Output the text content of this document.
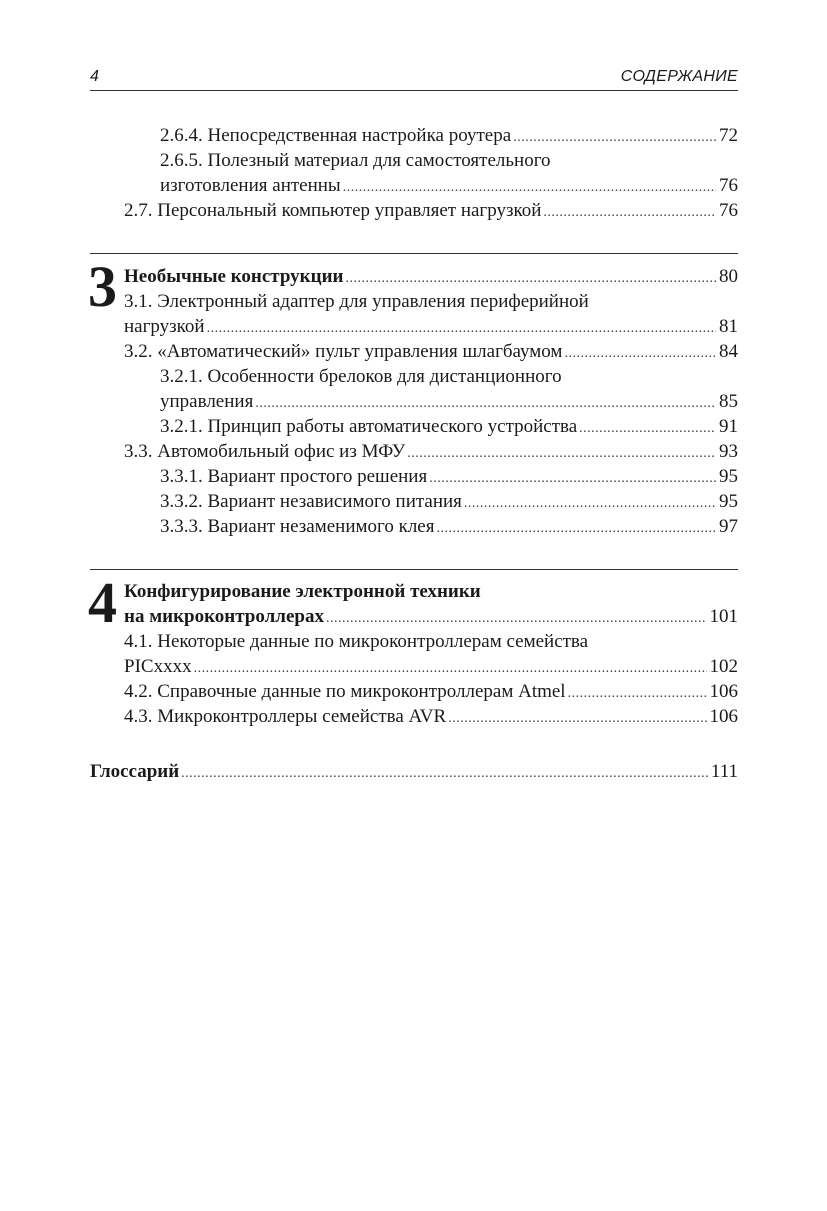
4	СОДЕРЖАНИЕ
2.6.4. Непосредственная настройка роутера .....	72
2.6.5. Полезный материал для самостоятельного
изготовления антенны .....	76
2.7. Персональный компьютер управляет нагрузкой .....	76
3 Необычные конструкции .....	80
3.1. Электронный адаптер для управления периферийной
нагрузкой .....	81
3.2. «Автоматический» пульт управления шлагбаумом .....	84
3.2.1. Особенности брелоков для дистанционного
управления .....	85
3.2.1. Принцип работы автоматического устройства .....	91
3.3. Автомобильный офис из МФУ .....	93
3.3.1. Вариант простого решения .....	95
3.3.2. Вариант независимого питания .....	95
3.3.3. Вариант незаменимого клея .....	97
4 Конфигурирование электронной техники
на микроконтроллерах .....	101
4.1. Некоторые данные по микроконтроллерам семейства
PICxxxx .....	102
4.2. Справочные данные по микроконтроллерам Atmel .....	106
4.3. Микроконтроллеры семейства AVR .....	106
Глоссарий .....	111
